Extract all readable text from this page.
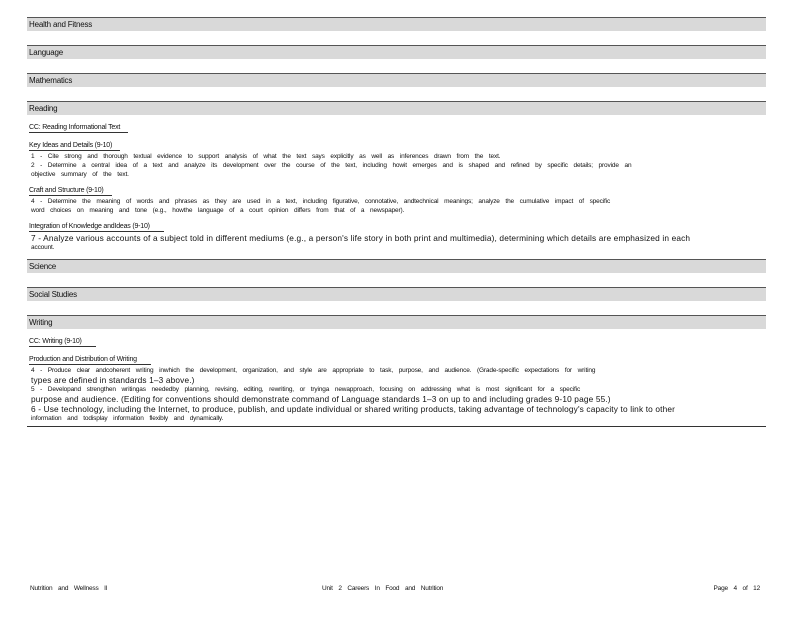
Health and Fitness
Language
Mathematics
Reading
CC: Reading Informational Text
Key Ideas and Details (9-10)
1 - Cite strong and thorough textual evidence to support analysis of what the text says explicitly as well as inferences drawn from the text.
2 - Determine a central idea of a text and analyze its development over the course of the text, including howit emerges and is shaped and refined by specific details; provide an
objective summary of the text.
Craft and Structure (9-10)
4 - Determine the meaning of words and phrases as they are used in a text, including figurative, connotative, andtechnical meanings; analyze the cumulative impact of specific
word choices on meaning and tone (e.g., howthe language of a court opinion differs from that of a newspaper).
Integration of Knowledge andIdeas (9-10)
7 - Analyze various accounts of a subject told in different mediums (e.g., a person's life story in both print and multimedia), determining which details are emphasized in each
account.
Science
Social Studies
Writing
CC: Writing (9-10)
Production and Distribution of Writing
4 - Produce clear andcoherent writing inwhich the development, organization, and style are appropriate to task, purpose, and audience. (Grade-specific expectations for writing
types are defined in standards 1–3 above.)
5 - Developand strengthen writingas neededby planning, revising, editing, rewriting, or tryinga newapproach, focusing on addressing what is most significant for a specific
purpose and audience. (Editing for conventions should demonstrate command of Language standards 1–3 on up to and including grades 9-10 page 55.)
6 - Use technology, including the Internet, to produce, publish, and update individual or shared writing products, taking advantage of technology's capacity to link to other
information and todisplay information flexibly and dynamically.
Nutrition and Wellness II	Unit 2 Careers In Food and Nutrition	Page 4 of 12
